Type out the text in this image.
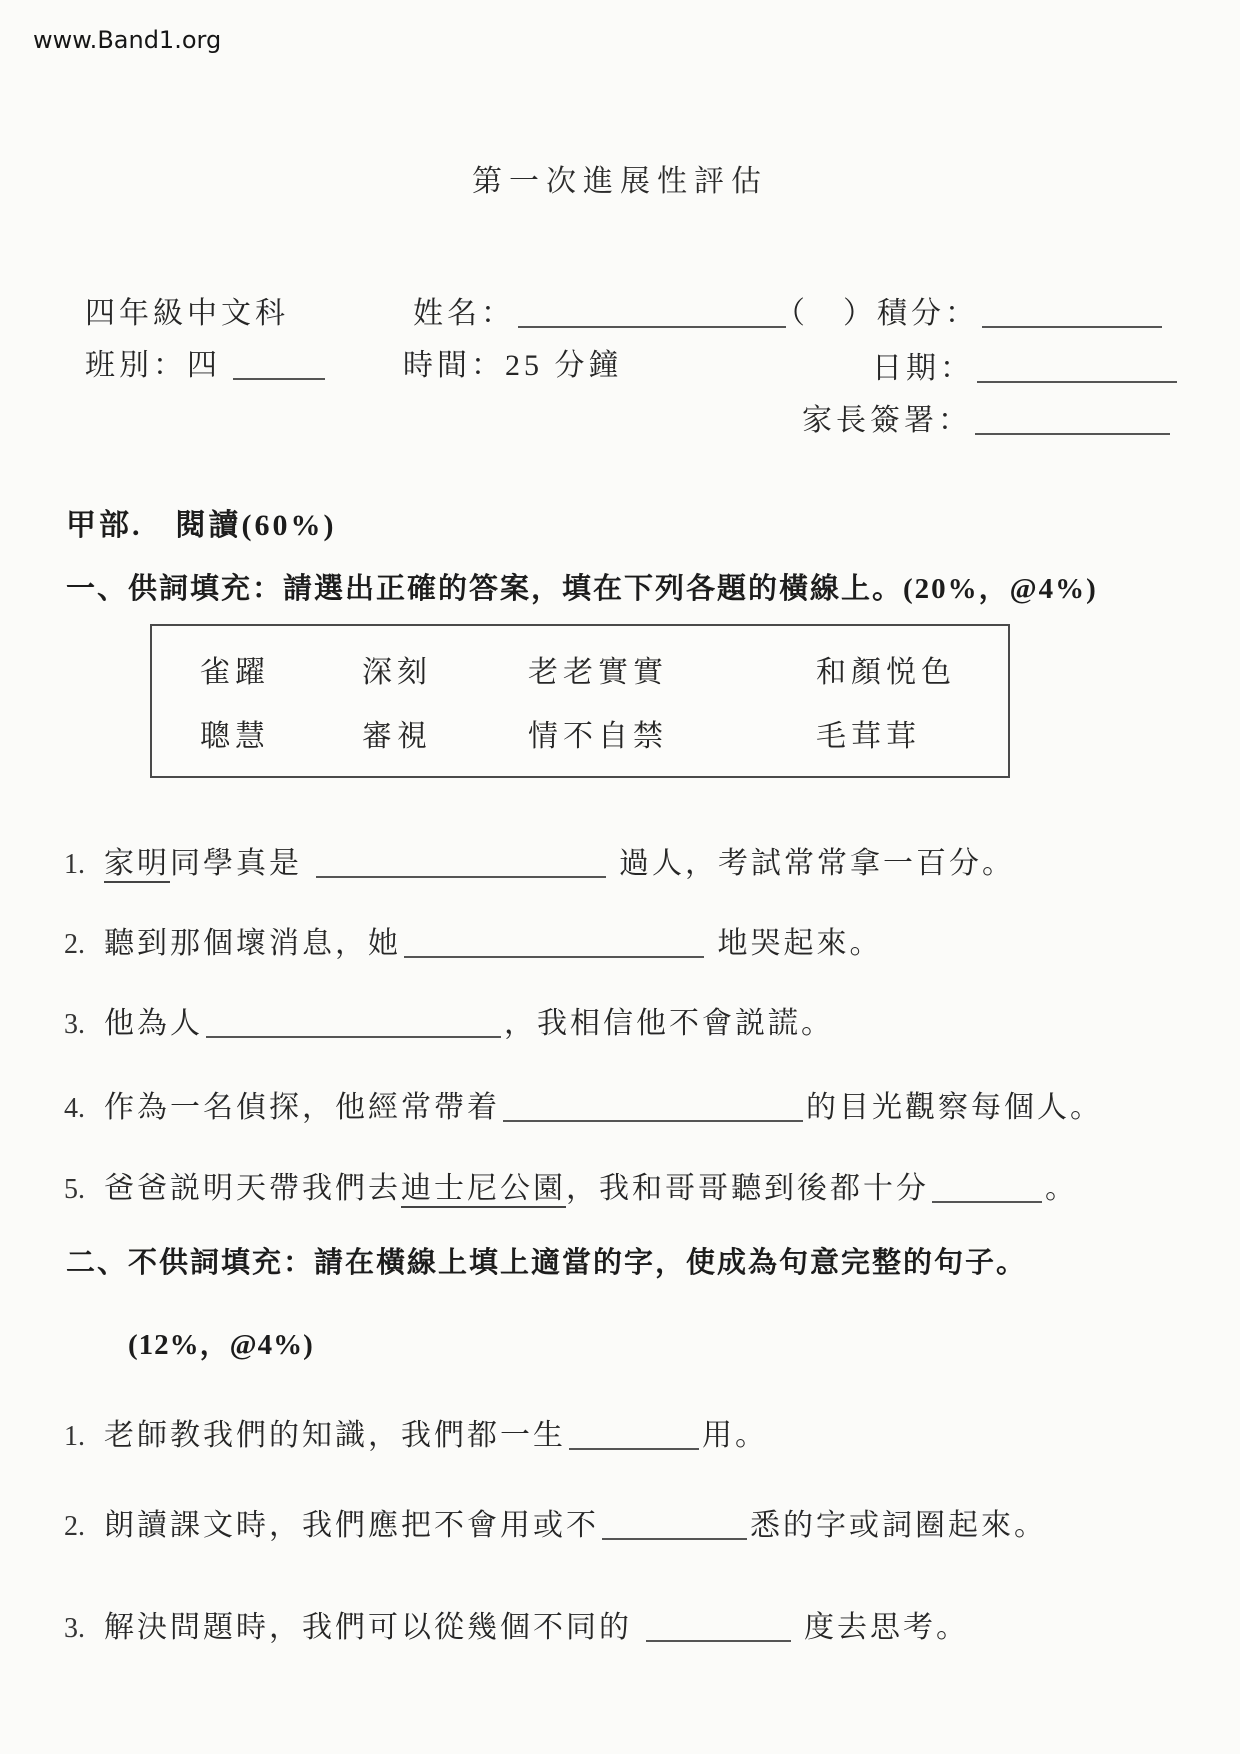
www.Band1.org
第一次進展性評估
四年級中文科	姓名：	（　）積分：
班別：四	時間：25 分鐘	日期：
家長簽署：
甲部.　閱讀(60%)
一、供詞填充：請選出正確的答案，填在下列各題的橫線上。(20%，@4%)
雀躍	深刻	老老實實	和顏悦色
聰慧	審視	情不自禁	毛茸茸
1. 家明同學真是	過人，考試常常拿一百分。
2. 聽到那個壞消息，她	地哭起來。
3. 他為人	，我相信他不會説謊。
4. 作為一名偵探，他經常帶着	的目光觀察每個人。
5. 爸爸説明天帶我們去迪士尼公園，我和哥哥聽到後都十分	。
二、不供詞填充：請在橫線上填上適當的字，使成為句意完整的句子。
(12%，@4%)
1. 老師教我們的知識，我們都一生	用。
2. 朗讀課文時，我們應把不會用或不	悉的字或詞圈起來。
3. 解決問題時，我們可以從幾個不同的	度去思考。
